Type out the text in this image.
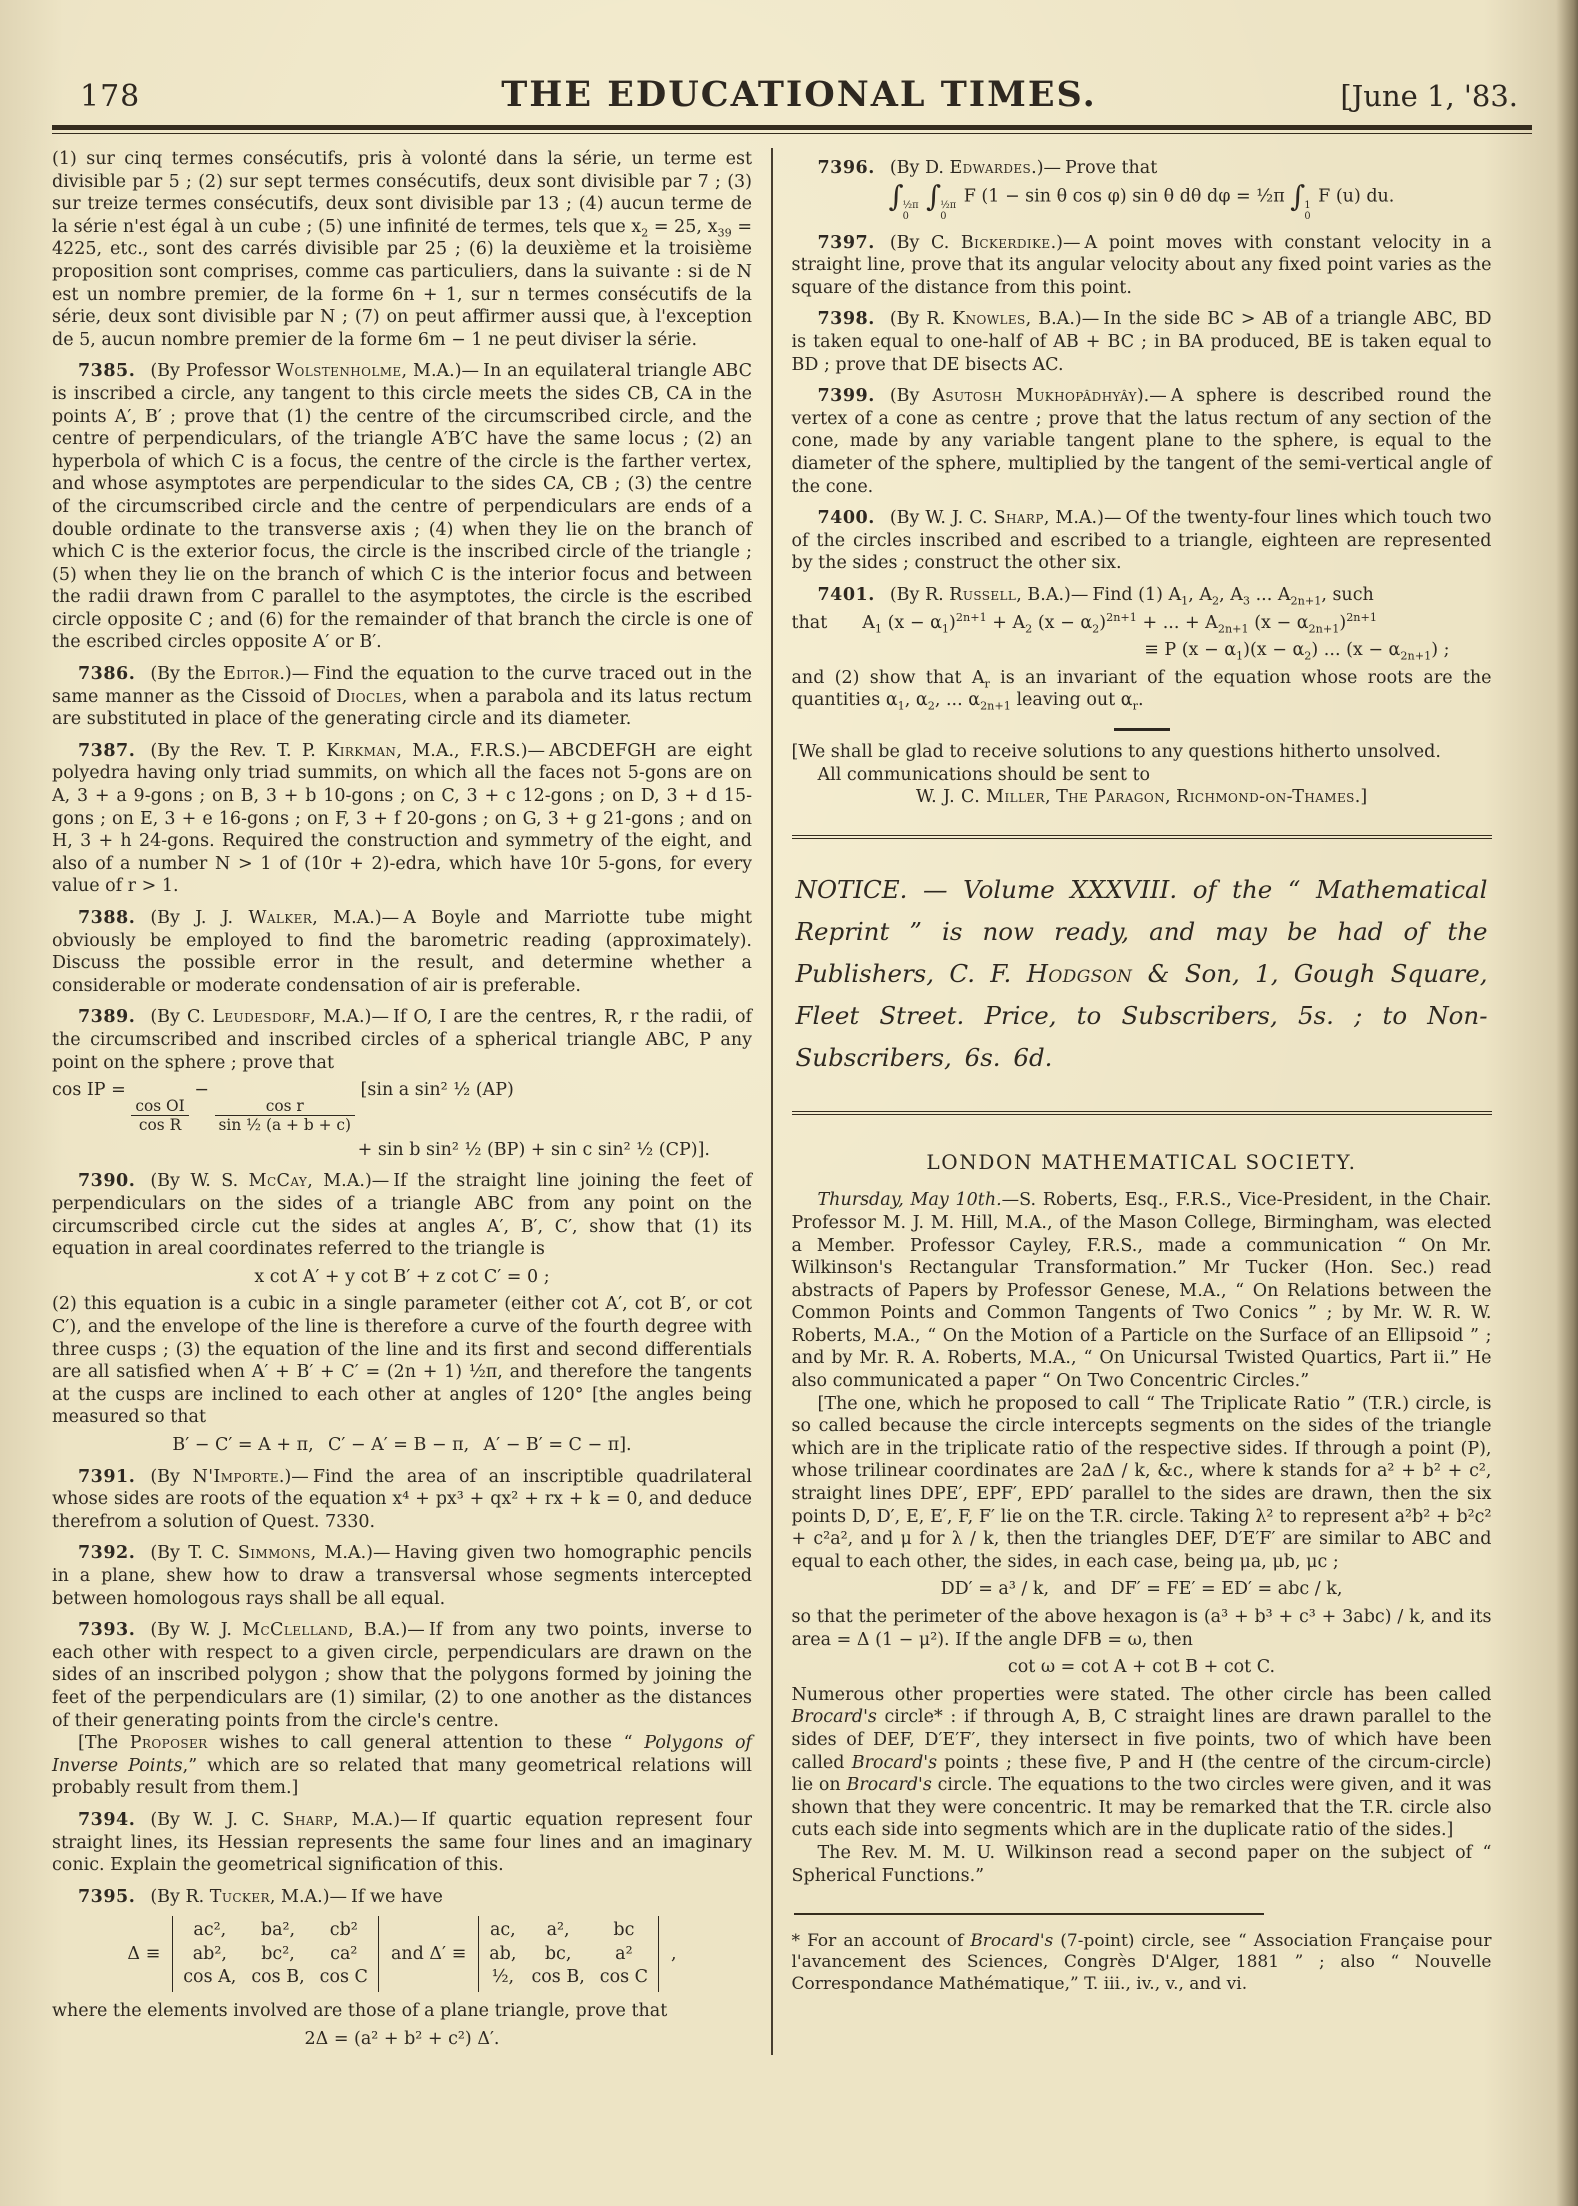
178	THE EDUCATIONAL TIMES.	[June 1, '83.

(1) sur cinq termes consécutifs, pris à volonté dans la série, un terme est divisible par 5 ; (2) sur sept termes consécutifs, deux sont divisible par 7 ; (3) sur treize termes consécutifs, deux sont divisible par 13 ; (4) aucun terme de la série n'est égal à un cube ; (5) une infinité de termes, tels que $x_2 = 25$, $x_{39} = 4225$, etc., sont des carrés divisible par 25 ; (6) la deuxième et la troisième proposition sont comprises, comme cas particuliers, dans la suivante : si de N est un nombre premier, de la forme 6n + 1, sur n termes consécutifs de la série, deux sont divisible par N ; (7) on peut affirmer aussi que, à l'exception de 5, aucun nombre premier de la forme 6m − 1 ne peut diviser la série.

7385. (By Professor Wolstenholme, M.A.)— In an equilateral triangle ABC is inscribed a circle, any tangent to this circle meets the sides CB, CA in the points A′, B′ ; prove that (1) the centre of the circumscribed circle, and the centre of perpendiculars, of the triangle A′B′C have the same locus ; (2) an hyperbola of which C is a focus, the centre of the circle is the farther vertex, and whose asymptotes are perpendicular to the sides CA, CB ; (3) the centre of the circumscribed circle and the centre of perpendiculars are ends of a double ordinate to the transverse axis ; (4) when they lie on the branch of which C is the exterior focus, the circle is the inscribed circle of the triangle ; (5) when they lie on the branch of which C is the interior focus and between the radii drawn from C parallel to the asymptotes, the circle is the escribed circle opposite C ; and (6) for the remainder of that branch the circle is one of the escribed circles opposite A′ or B′.

7386. (By the Editor.)— Find the equation to the curve traced out in the same manner as the Cissoid of Diocles, when a parabola and its latus rectum are substituted in place of the generating circle and its diameter.

7387. (By the Rev. T. P. Kirkman, M.A., F.R.S.)— ABCDEFGH are eight polyedra having only triad summits, on which all the faces not 5-gons are on A, 3 + a 9-gons ; on B, 3 + b 10-gons ; on C, 3 + c 12-gons ; on D, 3 + d 15-gons ; on E, 3 + e 16-gons ; on F, 3 + f 20-gons ; on G, 3 + g 21-gons ; and on H, 3 + h 24-gons. Required the construction and symmetry of the eight, and also of a number N > 1 of (10r + 2)-edra, which have 10r 5-gons, for every value of r > 1.

7388. (By J. J. Walker, M.A.)— A Boyle and Marriotte tube might obviously be employed to find the barometric reading (approximately). Discuss the possible error in the result, and determine whether a considerable or moderate condensation of air is preferable.

7389. (By C. Leudesdorf, M.A.)— If O, I are the centres, R, r the radii, of the circumscribed and inscribed circles of a spherical triangle ABC, P any point on the sphere ; prove that

cos IP =
$\frac{\text{cos OI}}{\text{cos R}}$
−
$\frac{\text{cos r}}{\text{sin ½ (a + b + c)}}$
[sin a sin² ½ (AP)
+ sin b sin² ½ (BP) + sin c sin² ½ (CP)].

7390. (By W. S. McCay, M.A.)— If the straight line joining the feet of perpendiculars on the sides of a triangle ABC from any point on the circumscribed circle cut the sides at angles A′, B′, C′, show that (1) its equation in areal coordinates referred to the triangle is

x cot A′ + y cot B′ + z cot C′ = 0 ;

(2) this equation is a cubic in a single parameter (either cot A′, cot B′, or cot C′), and the envelope of the line is therefore a curve of the fourth degree with three cusps ; (3) the equation of the line and its first and second differentials are all satisfied when A′ + B′ + C′ = (2n + 1) ½π, and therefore the tangents at the cusps are inclined to each other at angles of 120° [the angles being measured so that

B′ − C′ = A + π,  C′ − A′ = B − π,  A′ − B′ = C − π].

7391. (By N'Importe.)— Find the area of an inscriptible quadrilateral whose sides are roots of the equation x⁴ + px³ + qx² + rx + k = 0, and deduce therefrom a solution of Quest. 7330.

7392. (By T. C. Simmons, M.A.)— Having given two homographic pencils in a plane, shew how to draw a transversal whose segments intercepted between homologous rays shall be all equal.

7393. (By W. J. McClelland, B.A.)— If from any two points, inverse to each other with respect to a given circle, perpendiculars are drawn on the sides of an inscribed polygon ; show that the polygons formed by joining the feet of the perpendiculars are (1) similar, (2) to one another as the distances of their generating points from the circle's centre.

[The Proposer wishes to call general attention to these “ Polygons of Inverse Points,” which are so related that many geometrical relations will probably result from them.]

7394. (By W. J. C. Sharp, M.A.)— If quartic equation represent four straight lines, its Hessian represents the same four lines and an imaginary conic. Explain the geometrical signification of this.

7395. (By R. Tucker, M.A.)— If we have

Δ ≡
ac², ba², cb²
ab², bc², ca²
cos A, cos B, cos C
and Δ′ ≡
ac, a²,	bc
ab, bc,	a²
½, cos B, cos C
,

where the elements involved are those of a plane triangle, prove that

2Δ = (a² + b² + c²) Δ′.

7396. (By D. Edwardes.)— Prove that

∫ ½π
0
∫ ½π
0
F (1 − sin θ cos φ) sin θ dθ dφ = ½π ∫ 1
0
F (u) du.

7397. (By C. Bickerdike.)— A point moves with constant velocity in a straight line, prove that its angular velocity about any fixed point varies as the square of the distance from this point.

7398. (By R. Knowles, B.A.)— In the side BC > AB of a triangle ABC, BD is taken equal to one-half of AB + BC ; in BA produced, BE is taken equal to BD ; prove that DE bisects AC.

7399. (By Asutosh Mukhopâdhyây).— A sphere is described round the vertex of a cone as centre ; prove that the latus rectum of any section of the cone, made by any variable tangent plane to the sphere, is equal to the diameter of the sphere, multiplied by the tangent of the semi-vertical angle of the cone.

7400. (By W. J. C. Sharp, M.A.)— Of the twenty-four lines which touch two of the circles inscribed and escribed to a triangle, eighteen are represented by the sides ; construct the other six.

7401. (By R. Russell, B.A.)— Find (1) $A_1$, $A_2$, $A_3$ ... $A_{2n+1}$, such

that  $A_1$ $(x - \alpha_1)^{2n+1} + A_2$ $(x - \alpha_2)^{2n+1}$ + ... + $A_{2n+1}$ $(x - \alpha_{2n+1})^{2n+1}$
≡ P $(x - \alpha_1)(x - \alpha_2)$ ... $(x - \alpha_{2n+1})$ ;

and (2) show that $A_r$ is an invariant of the equation whose roots are the quantities $\alpha_1$, $\alpha_2$, ... $\alpha_{2n+1}$ leaving out $\alpha_r$.

[We shall be glad to receive solutions to any questions hitherto unsolved.

All communications should be sent to

W. J. C. Miller, The Paragon, Richmond-on-Thames.]

NOTICE. — Volume XXXVIII. of the “ Mathematical Reprint ” is now ready, and may be had of the Publishers, C. F. Hodgson & Son, 1, Gough Square, Fleet Street. Price, to Subscribers, 5s. ; to Non-Subscribers, 6s. 6d.

LONDON MATHEMATICAL SOCIETY.

Thursday, May 10th.—S. Roberts, Esq., F.R.S., Vice-President, in the Chair. Professor M. J. M. Hill, M.A., of the Mason College, Birmingham, was elected a Member. Professor Cayley, F.R.S., made a communication “ On Mr. Wilkinson's Rectangular Transformation.” Mr Tucker (Hon. Sec.) read abstracts of Papers by Professor Genese, M.A., “ On Relations between the Common Points and Common Tangents of Two Conics ” ; by Mr. W. R. W. Roberts, M.A., “ On the Motion of a Particle on the Surface of an Ellipsoid ” ; and by Mr. R. A. Roberts, M.A., “ On Unicursal Twisted Quartics, Part ii.” He also communicated a paper “ On Two Concentric Circles.”

[The one, which he proposed to call “ The Triplicate Ratio ” (T.R.) circle, is so called because the circle intercepts segments on the sides of the triangle which are in the triplicate ratio of the respective sides. If through a point (P), whose trilinear coordinates are 2aΔ / k, &c., where k stands for a² + b² + c², straight lines DPE′, EPF′, EPD′ parallel to the sides are drawn, then the six points D, D′, E, E′, F, F′ lie on the T.R. circle. Taking λ² to represent a²b² + b²c² + c²a², and μ for λ / k, then the triangles DEF, D′E′F′ are similar to ABC and equal to each other, the sides, in each case, being μa, μb, μc ;

DD′ = a³ / k,  and  DF′ = FE′ = ED′ = abc / k,

so that the perimeter of the above hexagon is (a³ + b³ + c³ + 3abc) / k, and its area = Δ (1 − μ²). If the angle DFB = ω, then

cot ω = cot A + cot B + cot C.

Numerous other properties were stated. The other circle has been called Brocard's circle* : if through A, B, C straight lines are drawn parallel to the sides of DEF, D′E′F′, they intersect in five points, two of which have been called Brocard's points ; these five, P and H (the centre of the circum-circle) lie on Brocard's circle. The equations to the two circles were given, and it was shown that they were concentric. It may be remarked that the T.R. circle also cuts each side into segments which are in the duplicate ratio of the sides.]

The Rev. M. M. U. Wilkinson read a second paper on the subject of “ Spherical Functions.”

* For an account of Brocard's (7-point) circle, see “ Association Française pour l'avancement des Sciences, Congrès D'Alger, 1881 ” ; also “ Nouvelle Correspondance Mathématique,” T. iii., iv., v., and vi.
